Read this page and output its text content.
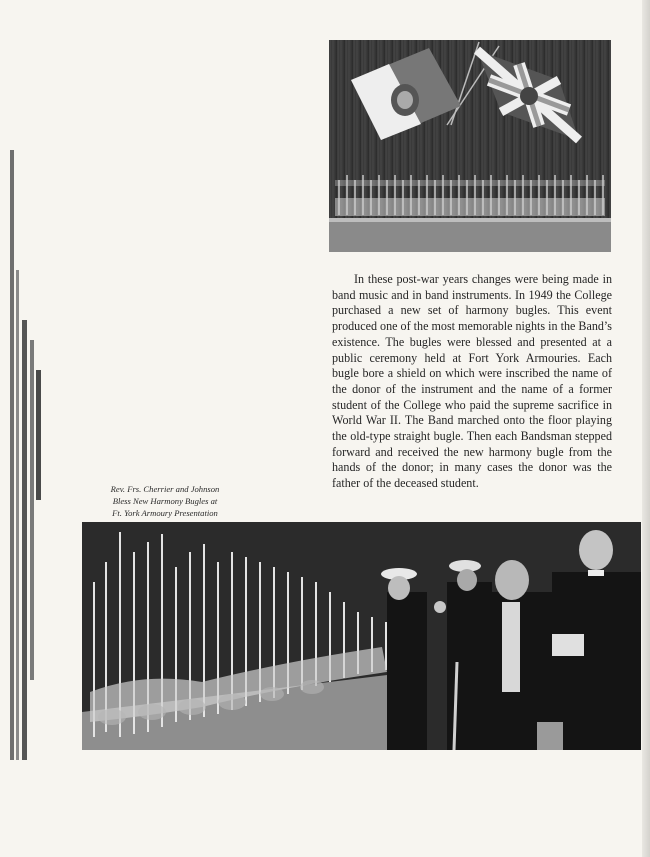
In these post-war years changes were being made in band music and in band instruments. In 1949 the College purchased a new set of harmony bugles. This event produced one of the most memorable nights in the Band’s existence. The bugles were blessed and presented at a public ceremony held at Fort York Armouries. Each bugle bore a shield on which were inscribed the name of the donor of the instrument and the name of a former student of the College who paid the supreme sacrifice in World War II. The Band marched onto the floor playing the old-type straight bugle. Then each Bandsman stepped forward and received the new harmony bugle from the hands of the donor; in many cases the donor was the father of the deceased student.

Rev. Frs. Cherrier and Johnson
Bless New Harmony Bugles at
Ft. York Armoury Presentation
